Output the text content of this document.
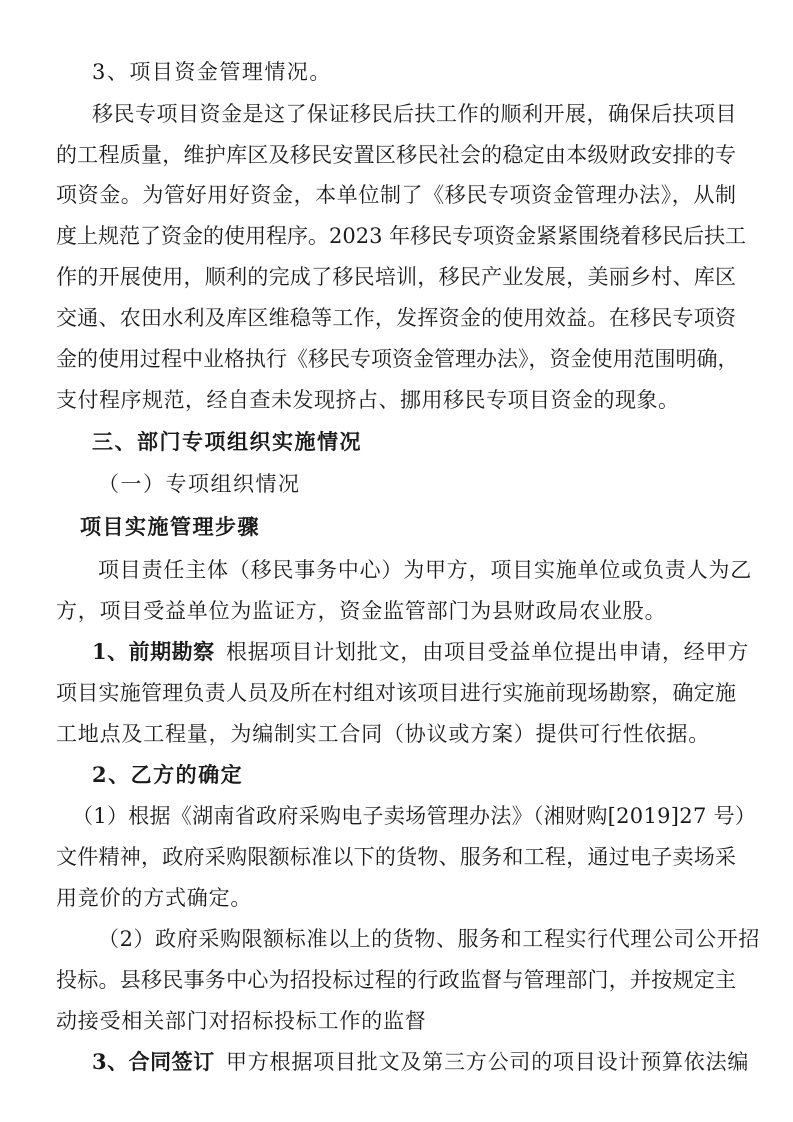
3、项目资金管理情况。
移民专项目资金是这了保证移民后扶工作的顺利开展，确保后扶项目
的工程质量，维护库区及移民安置区移民社会的稳定由本级财政安排的专
项资金。为管好用好资金，本单位制了《移民专项资金管理办法》，从制
度上规范了资金的使用程序。2023 年移民专项资金紧紧围绕着移民后扶工
作的开展使用，顺利的完成了移民培训，移民产业发展，美丽乡村、库区
交通、农田水利及库区维稳等工作，发挥资金的使用效益。在移民专项资
金的使用过程中业格执行《移民专项资金管理办法》，资金使用范围明确，
支付程序规范，经自查未发现挤占、挪用移民专项目资金的现象。
三、部门专项组织实施情况
（一）专项组织情况
项目实施管理步骤
项目责任主体（移民事务中心）为甲方，项目实施单位或负责人为乙
方，项目受益单位为监证方，资金监管部门为县财政局农业股。
1、前期勘察 根据项目计划批文，由项目受益单位提出申请，经甲方
项目实施管理负责人员及所在村组对该项目进行实施前现场勘察，确定施
工地点及工程量，为编制实工合同（协议或方案）提供可行性依据。
2、乙方的确定
（1）根据《湖南省政府采购电子卖场管理办法》（湘财购[2019]27 号）
文件精神，政府采购限额标准以下的货物、服务和工程，通过电子卖场采
用竞价的方式确定。
（2）政府采购限额标准以上的货物、服务和工程实行代理公司公开招
投标。县移民事务中心为招投标过程的行政监督与管理部门，并按规定主
动接受相关部门对招标投标工作的监督
3、合同签订 甲方根据项目批文及第三方公司的项目设计预算依法编
